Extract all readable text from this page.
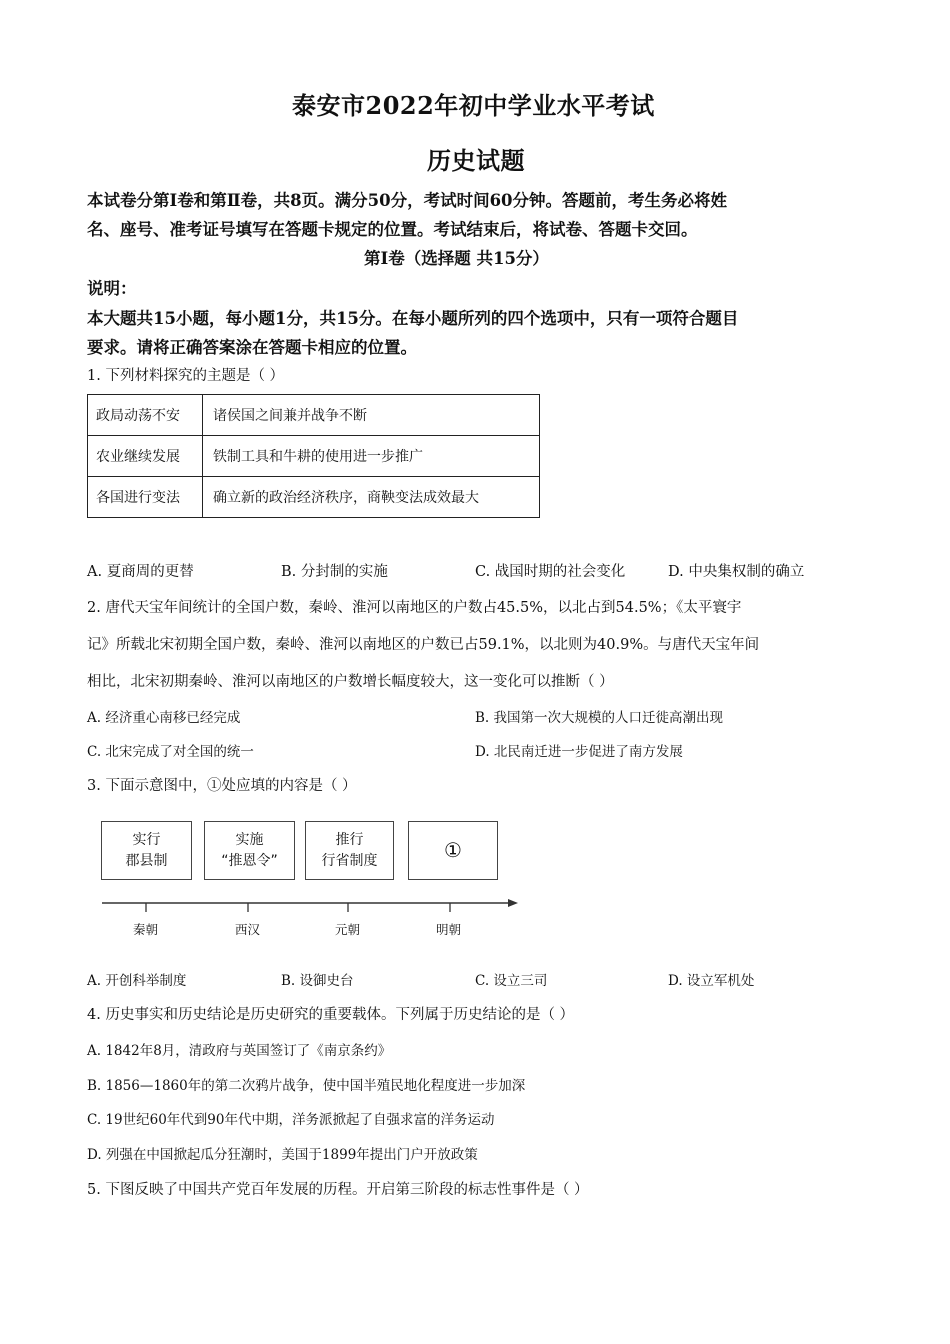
泰安市2022年初中学业水平考试
历史试题
本试卷分第Ⅰ卷和第Ⅱ卷，共8页。满分50分，考试时间60分钟。答题前，考生务必将姓
名、座号、准考证号填写在答题卡规定的位置。考试结束后，将试卷、答题卡交回。
第Ⅰ卷（选择题 共15分）
说明：
本大题共15小题，每小题1分，共15分。在每小题所列的四个选项中，只有一项符合题目
要求。请将正确答案涂在答题卡相应的位置。
1. 下列材料探究的主题是（ ）
政局动荡不安	诸侯国之间兼并战争不断
农业继续发展	铁制工具和牛耕的使用进一步推广
各国进行变法	确立新的政治经济秩序，商鞅变法成效最大
A. 夏商周的更替	B. 分封制的实施	C. 战国时期的社会变化	D. 中央集权制的确立
2. 唐代天宝年间统计的全国户数，秦岭、淮河以南地区的户数占45.5%，以北占到54.5%；《太平寰宇
记》所载北宋初期全国户数，秦岭、淮河以南地区的户数已占59.1%，以北则为40.9%。与唐代天宝年间
相比，北宋初期秦岭、淮河以南地区的户数增长幅度较大，这一变化可以推断（ ）
A. 经济重心南移已经完成	B. 我国第一次大规模的人口迁徙高潮出现
C. 北宋完成了对全国的统一	D. 北民南迁进一步促进了南方发展
3. 下面示意图中，①处应填的内容是（ ）
实行
郡县制
实施
“推恩令”
推行
行省制度	①
秦朝	西汉	元朝	明朝
A. 开创科举制度	B. 设御史台	C. 设立三司	D. 设立军机处
4. 历史事实和历史结论是历史研究的重要载体。下列属于历史结论的是（ ）
A. 1842年8月，清政府与英国签订了《南京条约》
B. 1856—1860年的第二次鸦片战争，使中国半殖民地化程度进一步加深
C. 19世纪60年代到90年代中期，洋务派掀起了自强求富的洋务运动
D. 列强在中国掀起瓜分狂潮时，美国于1899年提出门户开放政策
5. 下图反映了中国共产党百年发展的历程。开启第三阶段的标志性事件是（ ）
